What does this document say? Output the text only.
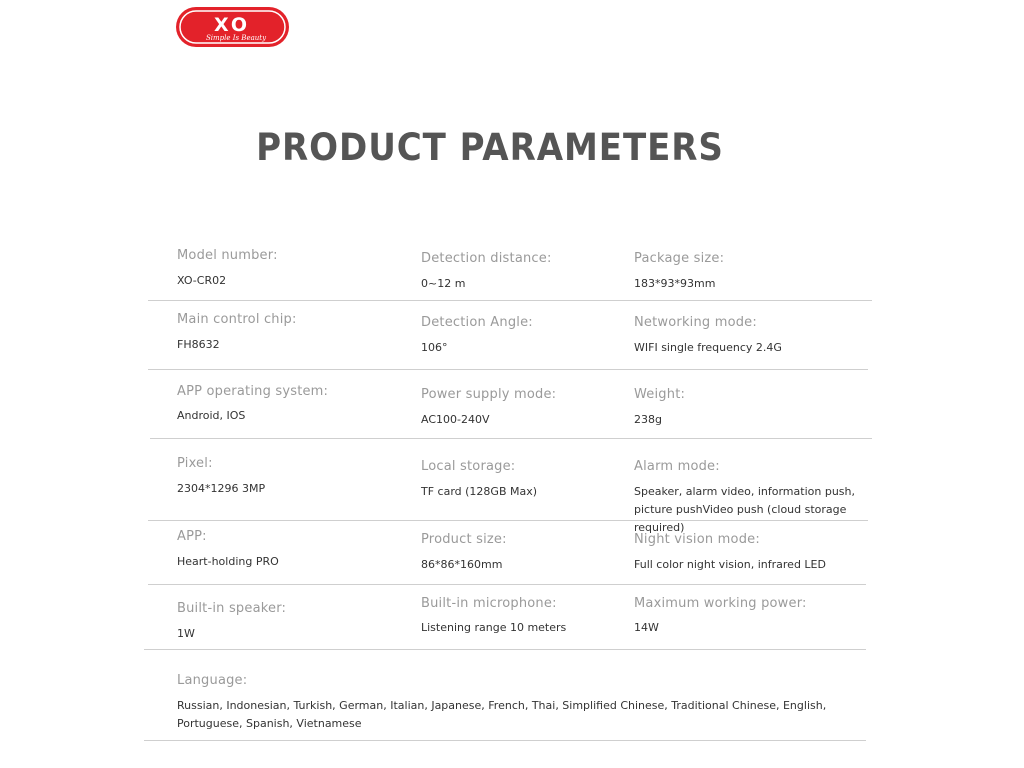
XO
Simple Is Beauty
PRODUCT PARAMETERS
Model number:
XO-CR02
Detection distance:
0~12 m
Package size:
183*93*93mm
Main control chip:
FH8632
Detection Angle:
106°
Networking mode:
WIFI single frequency 2.4G
APP operating system:
Android, IOS
Power supply mode:
AC100-240V
Weight:
238g
Pixel:
2304*1296 3MP
Local storage:
TF card (128GB Max)
Alarm mode:
Speaker, alarm video, information push, picture pushVideo push (cloud storage required)
APP:
Heart-holding PRO
Product size:
86*86*160mm
Night vision mode:
Full color night vision, infrared LED
Built-in speaker:
1W
Built-in microphone:
Listening range 10 meters
Maximum working power:
14W
Language:
Russian, Indonesian, Turkish, German, Italian, Japanese, French, Thai, Simplified Chinese, Traditional Chinese, English, Portuguese, Spanish, Vietnamese
